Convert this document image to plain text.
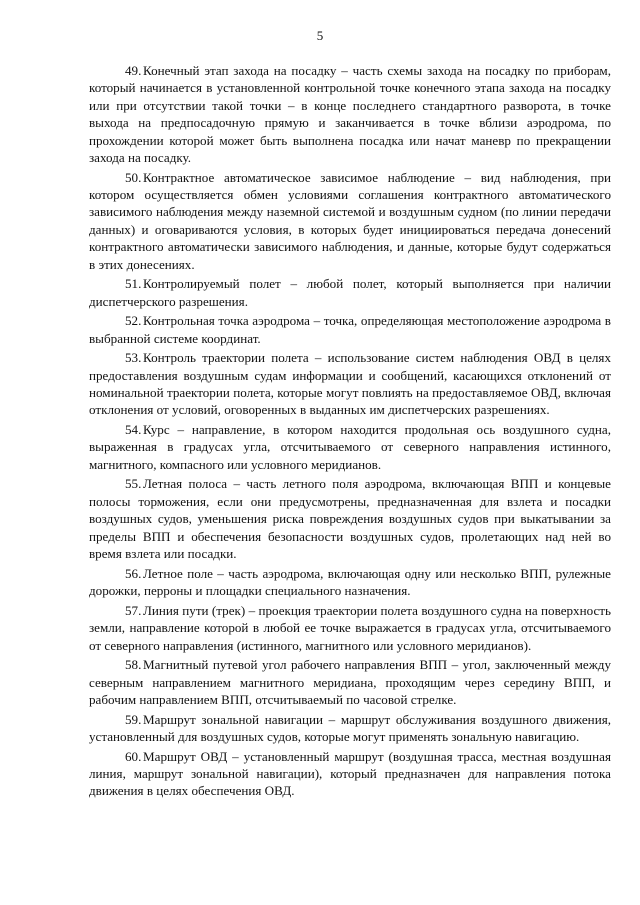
5

49. Конечный этап захода на посадку – часть схемы захода на посадку по приборам, который начинается в установленной контрольной точке конечного этапа захода на посадку или при отсутствии такой точки – в конце последнего стандартного разворота, в точке выхода на предпосадочную прямую и заканчивается в точке вблизи аэродрома, по прохождении которой может быть выполнена посадка или начат маневр по прекращении захода на посадку.

50. Контрактное автоматическое зависимое наблюдение – вид наблюдения, при котором осуществляется обмен условиями соглашения контрактного автоматического зависимого наблюдения между наземной системой и воздушным судном (по линии передачи данных) и оговариваются условия, в которых будет инициироваться передача донесений контрактного автоматически зависимого наблюдения, и данные, которые будут содержаться в этих донесениях.

51. Контролируемый полет – любой полет, который выполняется при наличии диспетчерского разрешения.

52. Контрольная точка аэродрома – точка, определяющая местоположение аэродрома в выбранной системе координат.

53. Контроль траектории полета – использование систем наблюдения ОВД в целях предоставления воздушным судам информации и сообщений, касающихся отклонений от номинальной траектории полета, которые могут повлиять на предоставляемое ОВД, включая отклонения от условий, оговоренных в выданных им диспетчерских разрешениях.

54. Курс – направление, в котором находится продольная ось воздушного судна, выраженная в градусах угла, отсчитываемого от северного направления истинного, магнитного, компасного или условного меридианов.

55. Летная полоса – часть летного поля аэродрома, включающая ВПП и концевые полосы торможения, если они предусмотрены, предназначенная для взлета и посадки воздушных судов, уменьшения риска повреждения воздушных судов при выкатывании за пределы ВПП и обеспечения безопасности воздушных судов, пролетающих над ней во время взлета или посадки.

56. Летное поле – часть аэродрома, включающая одну или несколько ВПП, рулежные дорожки, перроны и площадки специального назначения.

57. Линия пути (трек) – проекция траектории полета воздушного судна на поверхность земли, направление которой в любой ее точке выражается в градусах угла, отсчитываемого от северного направления (истинного, магнитного или условного меридианов).

58. Магнитный путевой угол рабочего направления ВПП – угол, заключенный между северным направлением магнитного меридиана, проходящим через середину ВПП, и рабочим направлением ВПП, отсчитываемый по часовой стрелке.

59. Маршрут зональной навигации – маршрут обслуживания воздушного движения, установленный для воздушных судов, которые могут применять зональную навигацию.

60. Маршрут ОВД – установленный маршрут (воздушная трасса, местная воздушная линия, маршрут зональной навигации), который предназначен для направления потока движения в целях обеспечения ОВД.
